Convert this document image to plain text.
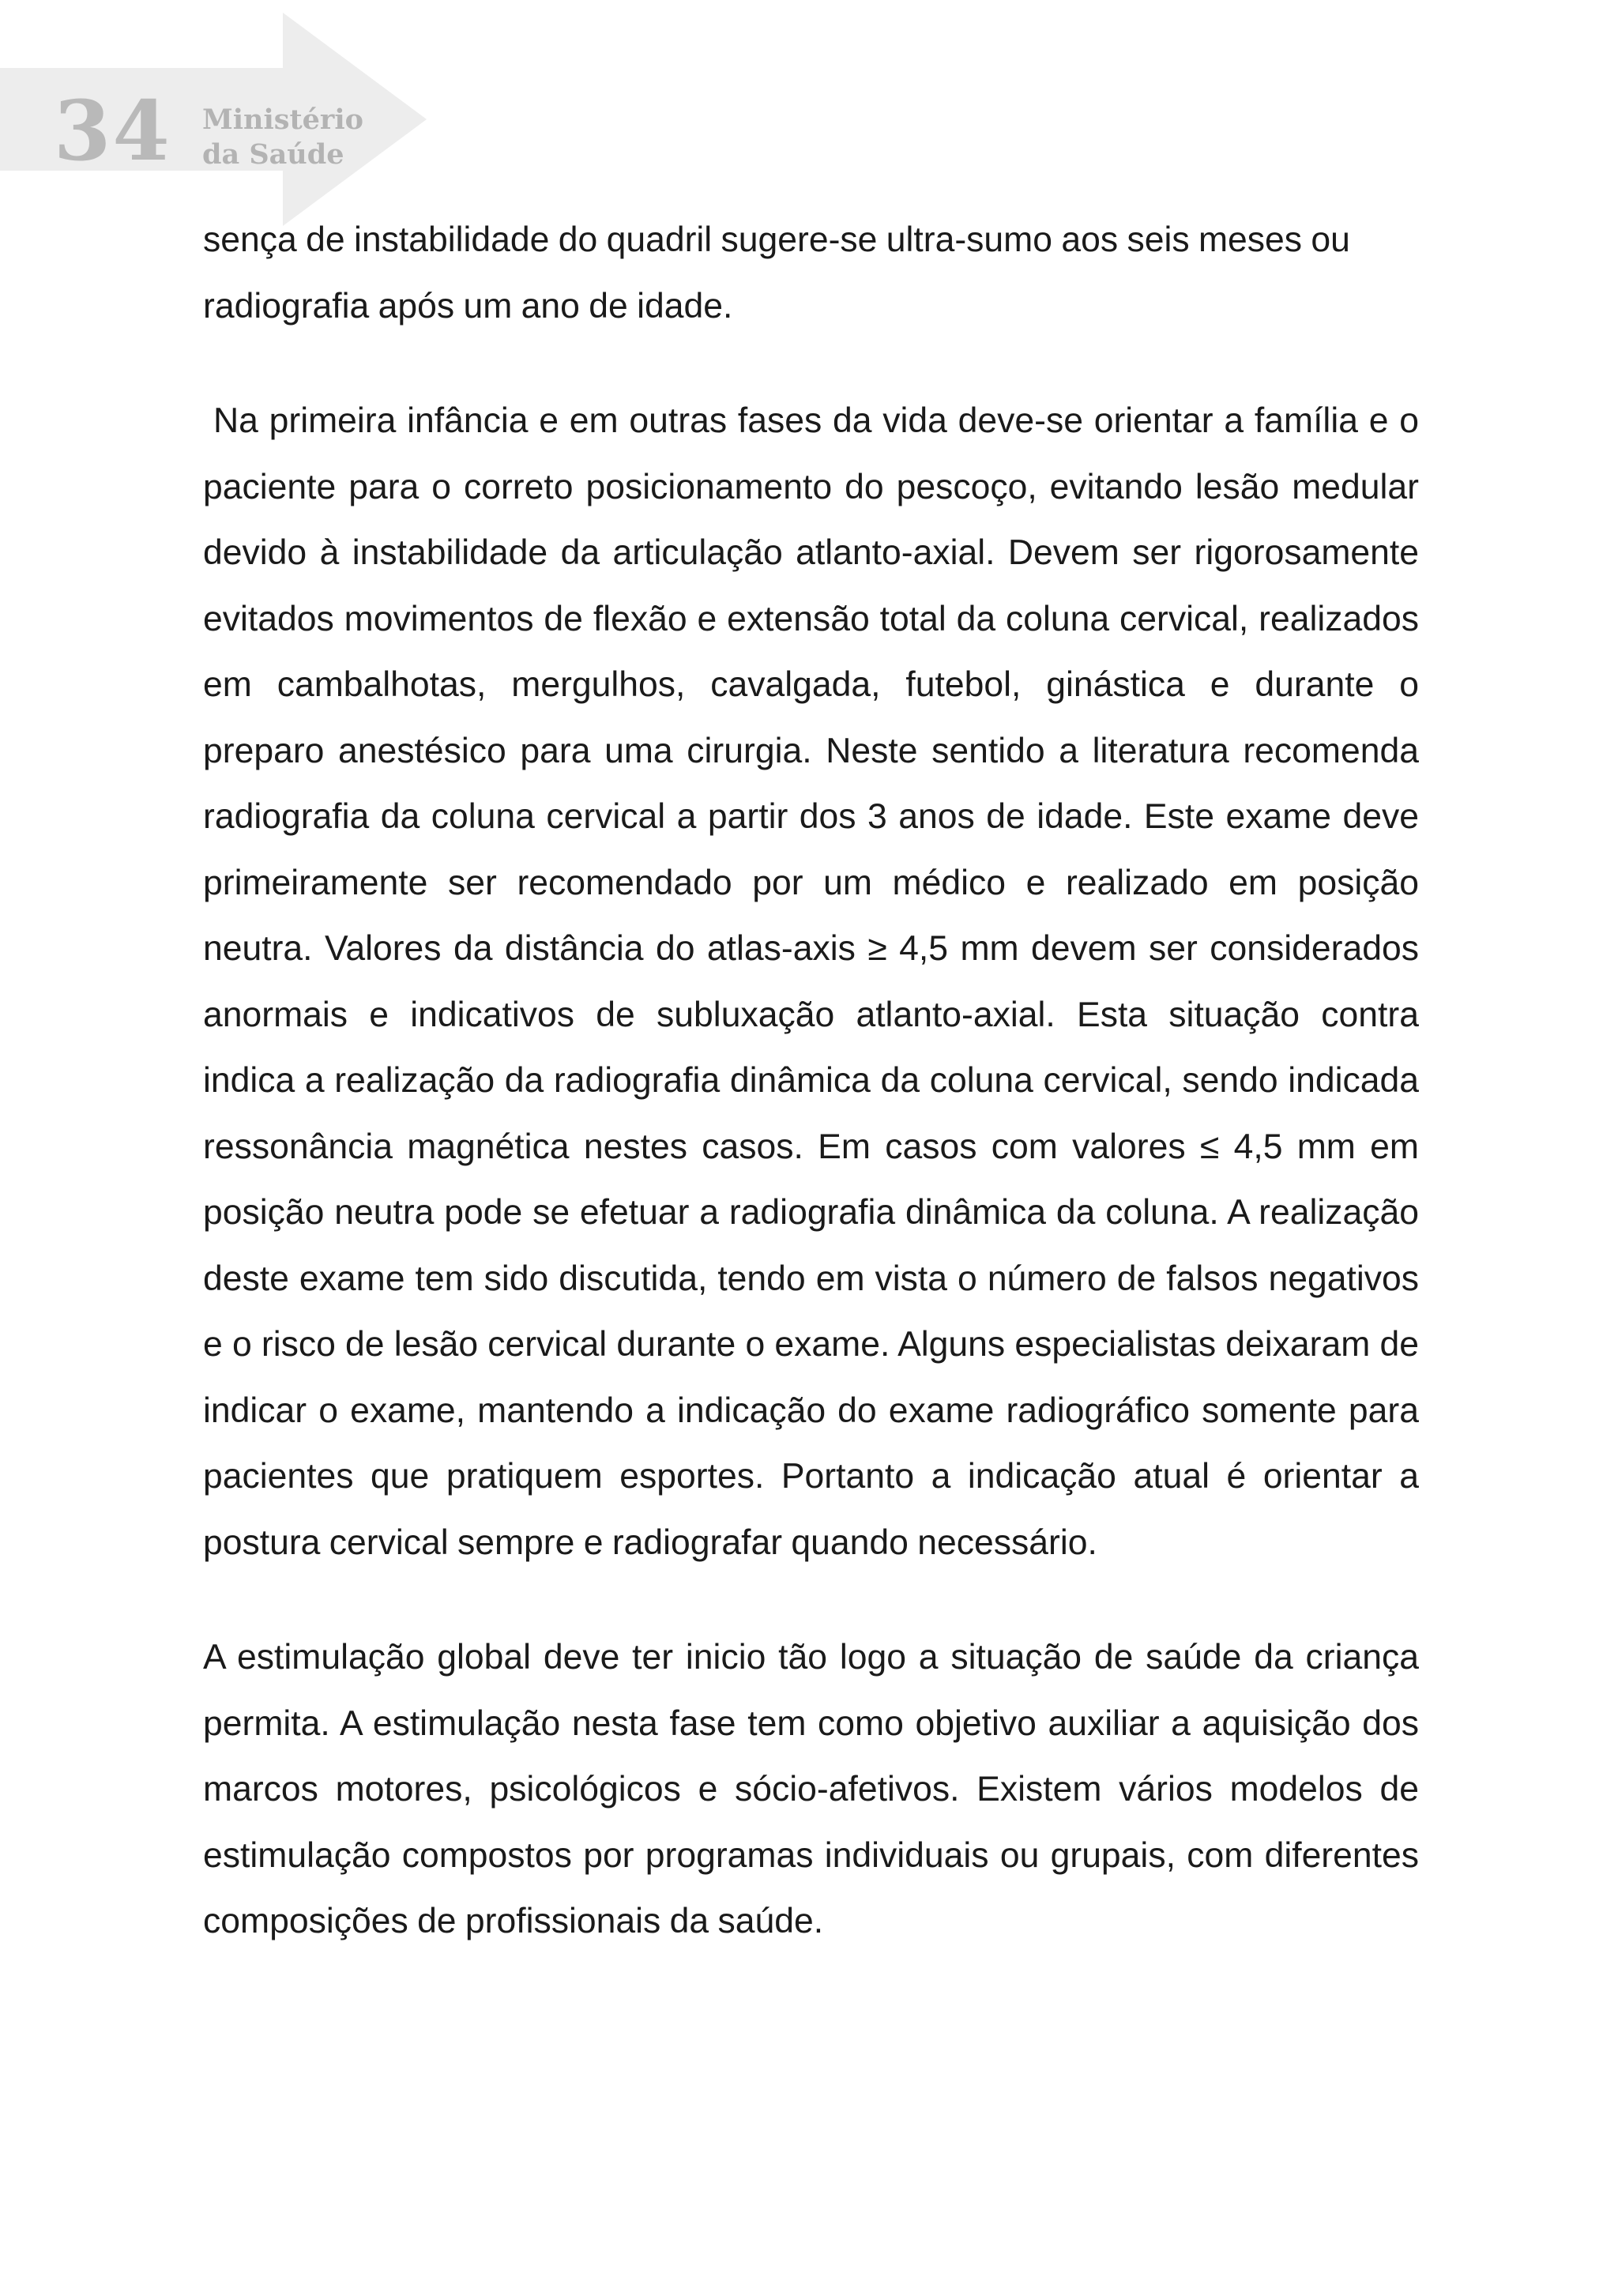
34 Ministério
da Saúde

sença de instabilidade do quadril sugere-se ultra-sumo aos seis meses ou radiografia após um ano de idade.

Na primeira infância e em outras fases da vida deve-se orientar a família e o paciente para o correto posicionamento do pescoço, evitando lesão medular devido à instabilidade da articulação atlanto-axial. Devem ser rigorosamente evitados movimentos de flexão e extensão total da coluna cervical, realizados em cambalhotas, mergulhos, cavalgada, futebol, ginástica e durante o preparo anestésico para uma cirurgia. Neste sentido a literatura recomenda radiografia da coluna cervical a partir dos 3 anos de idade. Este exame deve primeiramente ser recomendado por um médico e realizado em posição neutra. Valores da distância do atlas-axis ≥ 4,5 mm devem ser considerados anormais e indicativos de subluxação atlanto-axial. Esta situação contra indica a realização da radiografia dinâmica da coluna cervical, sendo indicada ressonância magnética nestes casos. Em casos com valores ≤ 4,5 mm em posição neutra pode se efetuar a radiografia dinâmica da coluna. A realização deste exame tem sido discutida, tendo em vista o número de falsos negativos e o risco de lesão cervical durante o exame. Alguns especialistas deixaram de indicar o exame, mantendo a indicação do exame radiográfico somente para pacientes que pratiquem esportes. Portanto a indicação atual é orientar a postura cervical sempre e radiografar quando necessário.

A estimulação global deve ter inicio tão logo a situação de saúde da criança permita. A estimulação nesta fase tem como objetivo auxiliar a aquisição dos marcos motores, psicológicos e sócio-afetivos. Existem vários modelos de estimulação compostos por programas individuais ou grupais, com diferentes composições de profissionais da saúde.
